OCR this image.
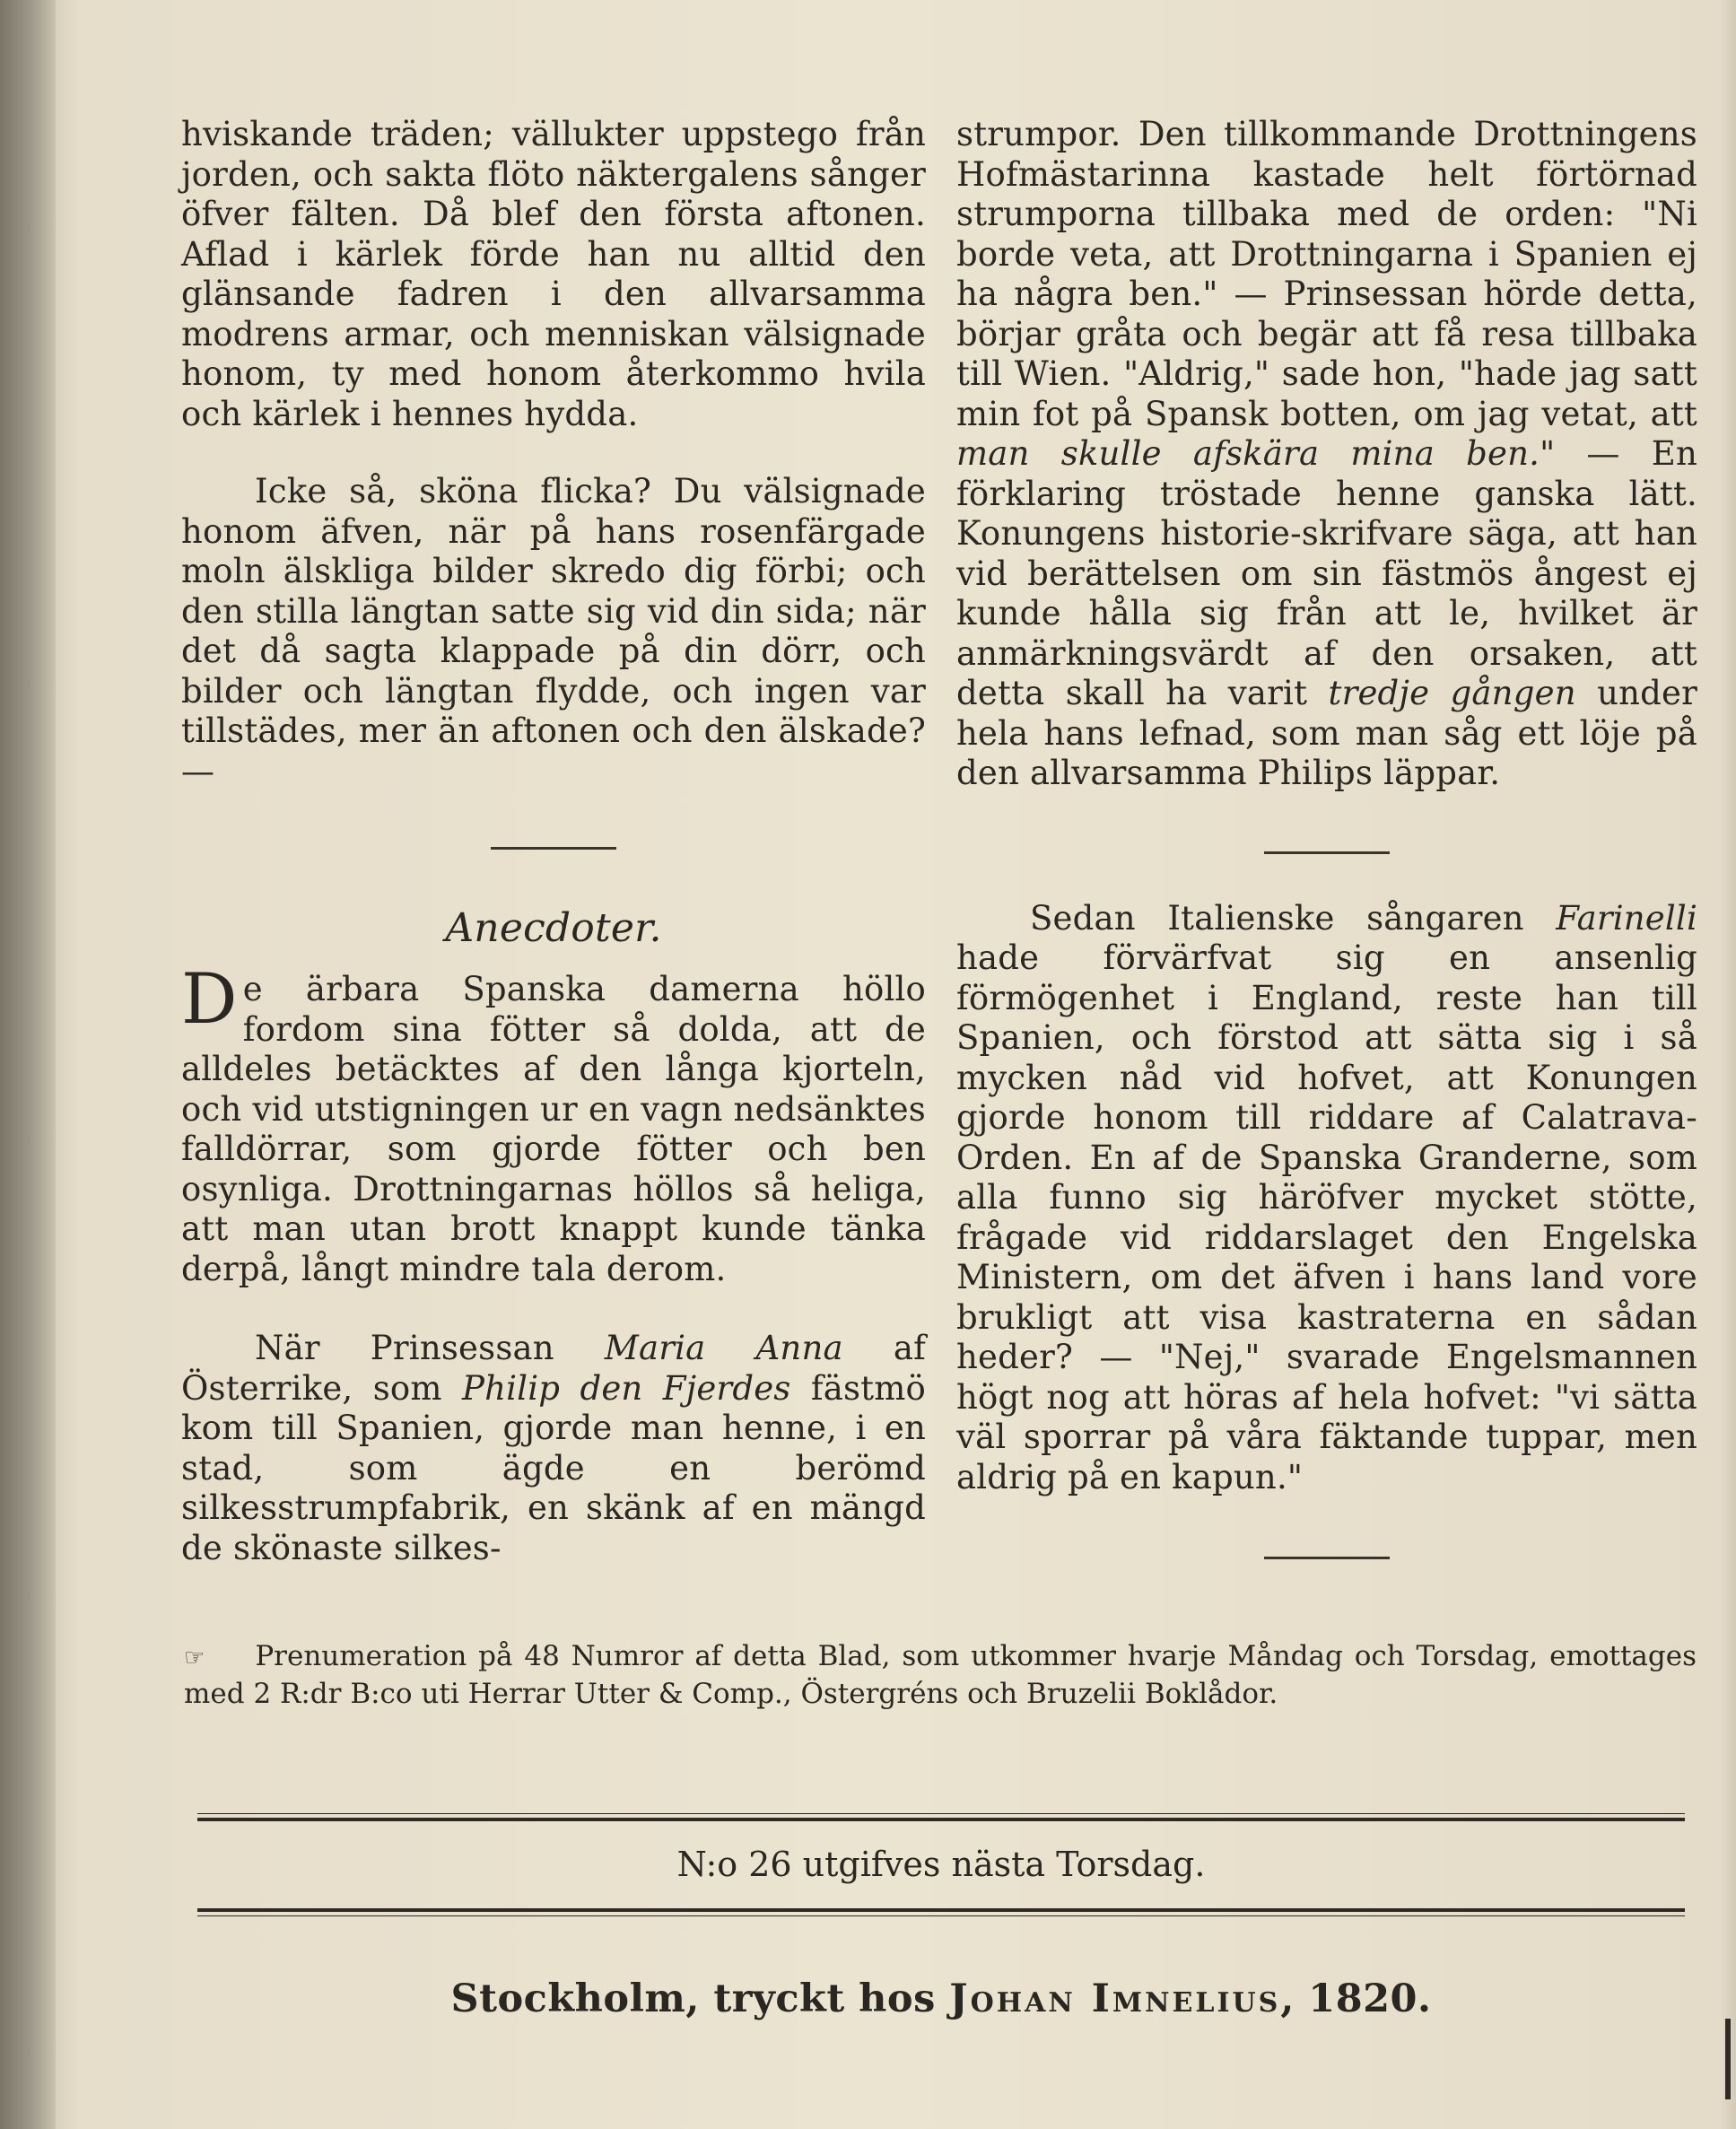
hviskande träden; vällukter uppstego från jorden, och sakta flöto näktergalens sånger öfver fälten. Då blef den första aftonen. Aflad i kärlek förde han nu alltid den glänsande fadren i den allvarsamma modrens armar, och menniskan välsignade honom, ty med honom återkommo hvila och kärlek i hennes hydda.

Icke så, sköna flicka? Du välsignade honom äfven, när på hans rosenfärgade moln älskliga bilder skredo dig förbi; och den stilla längtan satte sig vid din sida; när det då sagta klappade på din dörr, och bilder och längtan flydde, och ingen var tillstädes, mer än aftonen och den älskade? —

Anecdoter.

De ärbara Spanska damerna höllo fordom sina fötter så dolda, att de alldeles betäcktes af den långa kjorteln, och vid utstigningen ur en vagn nedsänktes falldörrar, som gjorde fötter och ben osynliga. Drottningarnas höllos så heliga, att man utan brott knappt kunde tänka derpå, långt mindre tala derom.

När Prinsessan Maria Anna af Österrike, som Philip den Fjerdes fästmö kom till Spanien, gjorde man henne, i en stad, som ägde en berömd silkesstrumpfabrik, en skänk af en mängd de skönaste silkes-

strumpor. Den tillkommande Drottningens Hofmästarinna kastade helt förtörnad strumporna tillbaka med de orden: "Ni borde veta, att Drottningarna i Spanien ej ha några ben." — Prinsessan hörde detta, börjar gråta och begär att få resa tillbaka till Wien. "Aldrig," sade hon, "hade jag satt min fot på Spansk botten, om jag vetat, att man skulle afskära mina ben." — En förklaring tröstade henne ganska lätt. Konungens historie-skrifvare säga, att han vid berättelsen om sin fästmös ångest ej kunde hålla sig från att le, hvilket är anmärkningsvärdt af den orsaken, att detta skall ha varit tredje gången under hela hans lefnad, som man såg ett löje på den allvarsamma Philips läppar.

Sedan Italienske sångaren Farinelli hade förvärfvat sig en ansenlig förmögenhet i England, reste han till Spanien, och förstod att sätta sig i så mycken nåd vid hofvet, att Konungen gjorde honom till riddare af Calatrava-Orden. En af de Spanska Granderne, som alla funno sig häröfver mycket stötte, frågade vid riddarslaget den Engelska Ministern, om det äfven i hans land vore brukligt att visa kastraterna en sådan heder? — "Nej," svarade Engelsmannen högt nog att höras af hela hofvet: "vi sätta väl sporrar på våra fäktande tuppar, men aldrig på en kapun."

☞ Prenumeration på 48 Numror af detta Blad, som utkommer hvarje Måndag och Torsdag, emottages med 2 R:dr B:co uti Herrar Utter & Comp., Östergréns och Bruzelii Boklådor.
N:o 26 utgifves nästa Torsdag.
Stockholm, tryckt hos Johan Imnelius, 1820.
